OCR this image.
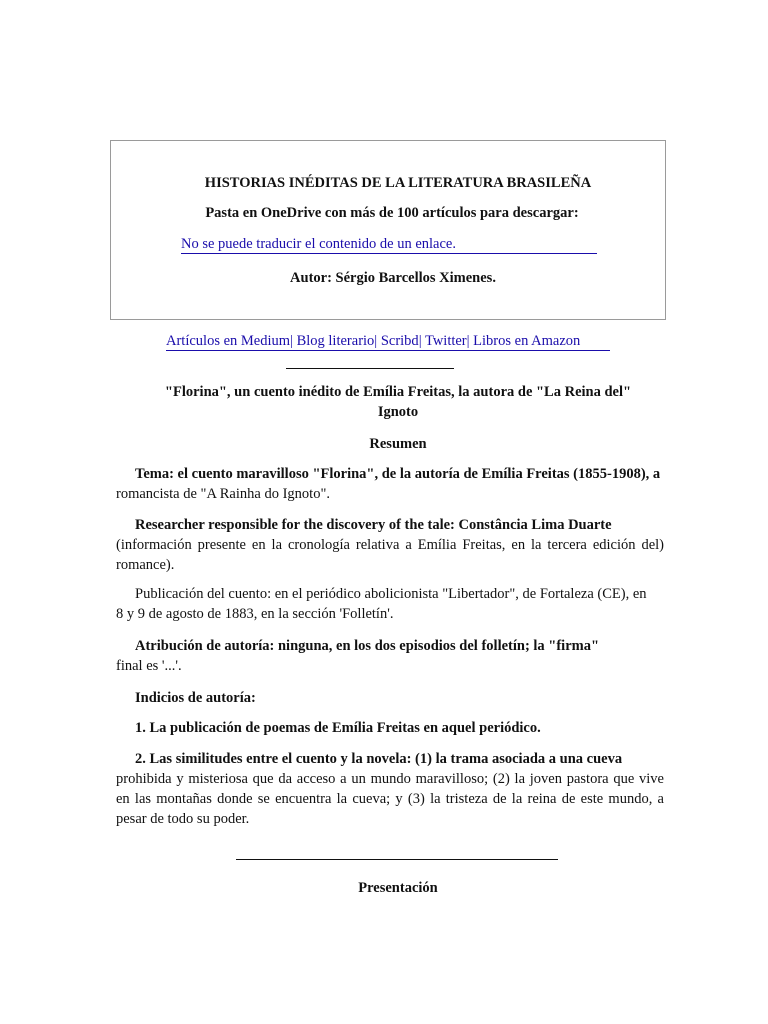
HISTORIAS INÉDITAS DE LA LITERATURA BRASILEÑA
Pasta en OneDrive con más de 100 artículos para descargar:
No se puede traducir el contenido de un enlace.
Autor: Sérgio Barcellos Ximenes.
Artículos en Medium| Blog literario| Scribd| Twitter| Libros en Amazon
"Florina", un cuento inédito de Emília Freitas, la autora de "La Reina del"
Ignoto
Resumen
Tema: el cuento maravilloso "Florina", de la autoría de Emília Freitas (1855-1908), a
romancista de "A Rainha do Ignoto".
Researcher responsible for the discovery of the tale: Constância Lima Duarte
(información presente en la cronología relativa a Emília Freitas, en la tercera edición del) romance).
Publicación del cuento: en el periódico abolicionista "Libertador", de Fortaleza (CE), en
8 y 9 de agosto de 1883, en la sección 'Folletín'.
Atribución de autoría: ninguna, en los dos episodios del folletín; la "firma"
final es '...'.
Indicios de autoría:
1. La publicación de poemas de Emília Freitas en aquel periódico.
2. Las similitudes entre el cuento y la novela: (1) la trama asociada a una cueva
prohibida y misteriosa que da acceso a un mundo maravilloso; (2) la joven pastora que vive en las montañas donde se encuentra la cueva; y (3) la tristeza de la reina de este mundo, a pesar de todo su poder.
Presentación
